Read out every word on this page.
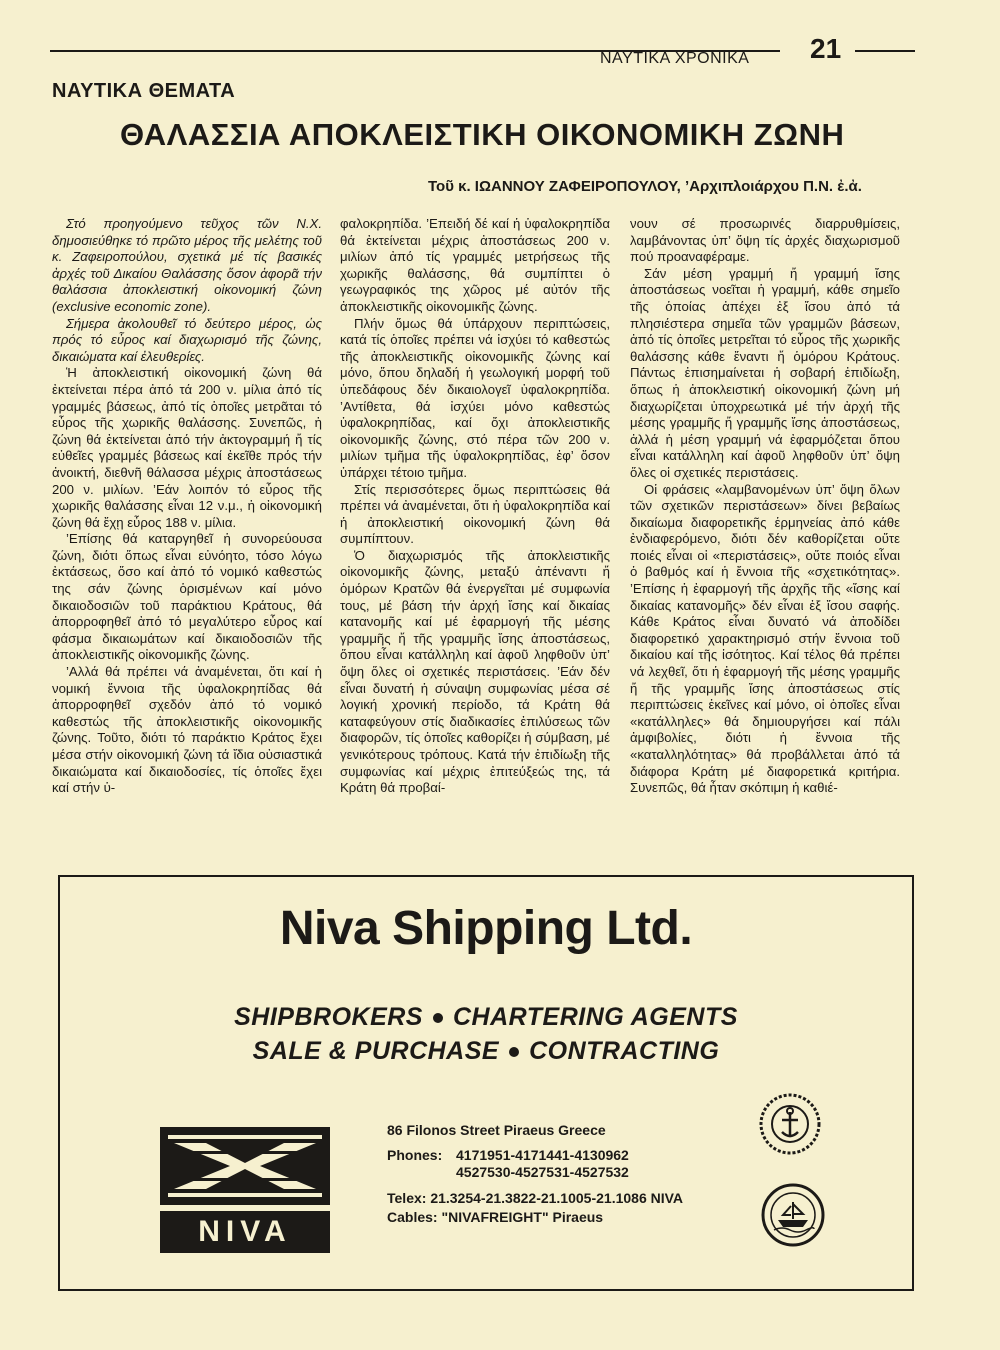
ΝΑΥΤΙΚΑ ΧΡΟΝΙΚΑ 21
ΝΑΥΤΙΚΑ ΘΕΜΑΤΑ
ΘΑΛΑΣΣΙΑ ΑΠΟΚΛΕΙΣΤΙΚΗ ΟΙΚΟΝΟΜΙΚΗ ΖΩΝΗ
Τοῦ κ. ΙΩΑΝΝΟΥ ΖΑΦΕΙΡΟΠΟΥΛΟΥ, ’Αρχιπλοιάρχου Π.Ν. ἐ.ἀ.

Στό προηγούμενο τεῦχος τῶν Ν.Χ. δημοσιεύθηκε τό πρῶτο μέρος τῆς μελέτης τοῦ κ. Ζαφειροπούλου, σχετικά μέ τίς βασικές ἀρχές τοῦ Δικαίου Θαλάσσης ὅσον ἀφορᾶ τήν θαλάσσια ἀποκλειστική οἰκονομική ζώνη (exclusive economic zone).

Σήμερα ἀκολουθεῖ τό δεύτερο μέρος, ὡς πρός τό εὖρος καί διαχωρισμό τῆς ζώνης, δικαιώματα καί ἐλευθερίες.

Ἡ ἀποκλειστική οἰκονομική ζώνη θά ἐκτείνεται πέρα ἀπό τά 200 ν. μίλια ἀπό τίς γραμμές βάσεως, ἀπό τίς ὁποῖες μετρᾶται τό εὖρος τῆς χωρικῆς θαλάσσης. Συνεπῶς, ἡ ζώνη θά ἐκτείνεται ἀπό τήν ἀκτογραμμή ἤ τίς εὐθεῖες γραμμές βάσεως καί ἐκεῖθε πρός τήν ἀνοικτή, διεθνῆ θάλασσα μέχρις ἀποστάσεως 200 ν. μιλίων. ’Εάν λοιπόν τό εὖρος τῆς χωρικῆς θαλάσσης εἶναι 12 ν.μ., ἡ οἰκονομική ζώνη θά ἔχῃ εὖρος 188 ν. μίλια.

’Επίσης θά καταργηθεῖ ἡ συνορεύουσα ζώνη, διότι ὅπως εἶναι εὐνόητο, τόσο λόγω ἐκτάσεως, ὅσο καί ἀπό τό νομικό καθεστώς της σάν ζώνης ὁρισμένων καί μόνο δικαιοδοσιῶν τοῦ παράκτιου Κράτους, θά ἀπορροφηθεῖ ἀπό τό μεγαλύτερο εὖρος καί φάσμα δικαιωμάτων καί δικαιοδοσιῶν τῆς ἀποκλειστικῆς οἰκονομικῆς ζώνης.

’Αλλά θά πρέπει νά ἀναμένεται, ὅτι καί ἡ νομική ἔννοια τῆς ὑφαλοκρηπίδας θά ἀπορροφηθεῖ σχεδόν ἀπό τό νομικό καθεστώς τῆς ἀποκλειστικῆς οἰκονομικῆς ζώνης. Τοῦτο, διότι τό παράκτιο Κράτος ἔχει μέσα στήν οἰκονομική ζώνη τά ἴδια οὐσιαστικά δικαιώματα καί δικαιοδοσίες, τίς ὁποῖες ἔχει καί στήν ὑ-

φαλοκρηπίδα. ’Επειδή δέ καί ἡ ὑφαλοκρηπίδα θά ἐκτείνεται μέχρις ἀποστάσεως 200 ν. μιλίων ἀπό τίς γραμμές μετρήσεως τῆς χωρικῆς θαλάσσης, θά συμπίπτει ὁ γεωγραφικός της χῶρος μέ αὐτόν τῆς ἀποκλειστικῆς οἰκονομικῆς ζώνης.

Πλήν ὅμως θά ὑπάρχουν περιπτώσεις, κατά τίς ὁποῖες πρέπει νά ἰσχύει τό καθεστώς τῆς ἀποκλειστικῆς οἰκονομικῆς ζώνης καί μόνο, ὅπου δηλαδή ἡ γεωλογική μορφή τοῦ ὑπεδάφους δέν δικαιολογεῖ ὑφαλοκρηπίδα. ’Αντίθετα, θά ἰσχύει μόνο καθεστώς ὑφαλοκρηπίδας, καί ὄχι ἀποκλειστικῆς οἰκονομικῆς ζώνης, στό πέρα τῶν 200 ν. μιλίων τμῆμα τῆς ὑφαλοκρηπίδας, ἐφ’ ὅσον ὑπάρχει τέτοιο τμῆμα.

Στίς περισσότερες ὅμως περιπτώσεις θά πρέπει νά ἀναμένεται, ὅτι ἡ ὑφαλοκρηπίδα καί ἡ ἀποκλειστική οἰκονομική ζώνη θά συμπίπτουν.

Ὁ διαχωρισμός τῆς ἀποκλειστικῆς οἰκονομικῆς ζώνης, μεταξύ ἀπέναντι ἤ ὁμόρων Κρατῶν θά ἐνεργεῖται μέ συμφωνία τους, μέ βάση τήν ἀρχή ἴσης καί δικαίας κατανομῆς καί μέ ἐφαρμογή τῆς μέσης γραμμῆς ἤ τῆς γραμμῆς ἴσης ἀποστάσεως, ὅπου εἶναι κατάλληλη καί ἀφοῦ ληφθοῦν ὑπ’ ὄψη ὅλες οἱ σχετικές περιστάσεις. ’Εάν δέν εἶναι δυνατή ἡ σύναψη συμφωνίας μέσα σέ λογική χρονική περίοδο, τά Κράτη θά καταφεύγουν στίς διαδικασίες ἐπιλύσεως τῶν διαφορῶν, τίς ὁποῖες καθορίζει ἡ σύμβαση, μέ γενικότερους τρόπους. Κατά τήν ἐπιδίωξη τῆς συμφωνίας καί μέχρις ἐπιτεύξεώς της, τά Κράτη θά προβαί-

νουν σέ προσωρινές διαρρυθμίσεις, λαμβάνοντας ὑπ’ ὄψη τίς ἀρχές διαχωρισμοῦ πού προαναφέραμε.

Σάν μέση γραμμή ἤ γραμμή ἴσης ἀποστάσεως νοεῖται ἡ γραμμή, κάθε σημεῖο τῆς ὁποίας ἀπέχει ἐξ ἴσου ἀπό τά πλησιέστερα σημεῖα τῶν γραμμῶν βάσεων, ἀπό τίς ὁποῖες μετρεῖται τό εὖρος τῆς χωρικῆς θαλάσσης κάθε ἔναντι ἤ ὁμόρου Κράτους. Πάντως ἐπισημαίνεται ἡ σοβαρή ἐπιδίωξη, ὅπως ἡ ἀποκλειστική οἰκονομική ζώνη μή διαχωρίζεται ὑποχρεωτικά μέ τήν ἀρχή τῆς μέσης γραμμῆς ἤ γραμμῆς ἴσης ἀποστάσεως, ἀλλά ἡ μέση γραμμή νά ἐφαρμόζεται ὅπου εἶναι κατάλληλη καί ἀφοῦ ληφθοῦν ὑπ’ ὄψη ὅλες οἱ σχετικές περιστάσεις.

Οἱ φράσεις «λαμβανομένων ὑπ’ ὄψη ὅλων τῶν σχετικῶν περιστάσεων» δίνει βεβαίως δικαίωμα διαφορετικῆς ἑρμηνείας ἀπό κάθε ἐνδιαφερόμενο, διότι δέν καθορίζεται οὔτε ποιές εἶναι οἱ «περιστάσεις», οὔτε ποιός εἶναι ὁ βαθμός καί ἡ ἔννοια τῆς «σχετικότητας». ’Επίσης ἡ ἐφαρμογή τῆς ἀρχῆς τῆς «ἴσης καί δικαίας κατανομῆς» δέν εἶναι ἐξ ἴσου σαφής. Κάθε Κράτος εἶναι δυνατό νά ἀποδίδει διαφορετικό χαρακτηρισμό στήν ἔννοια τοῦ δικαίου καί τῆς ἰσότητος. Καί τέλος θά πρέπει νά λεχθεῖ, ὅτι ἡ ἐφαρμογή τῆς μέσης γραμμῆς ἤ τῆς γραμμῆς ἴσης ἀποστάσεως στίς περιπτώσεις ἐκεῖνες καί μόνο, οἱ ὁποῖες εἶναι «κατάλληλες» θά δημιουργήσει καί πάλι ἀμφιβολίες, διότι ἡ ἔννοια τῆς «καταλληλότητας» θά προβάλλεται ἀπό τά διάφορα Κράτη μέ διαφορετικά κριτήρια. Συνεπῶς, θά ἦταν σκόπιμη ἡ καθιέ-

Niva Shipping Ltd.
SHIPBROKERS CHARTERING AGENTS
SALE & PURCHASE CONTRACTING
NIVA
86 Filonos Street Piraeus Greece
Phones: 4171951-4171441-4130962
4527530-4527531-4527532
Telex: 21.3254-21.3822-21.1005-21.1086 NIVA
Cables: "NIVAFREIGHT" Piraeus
